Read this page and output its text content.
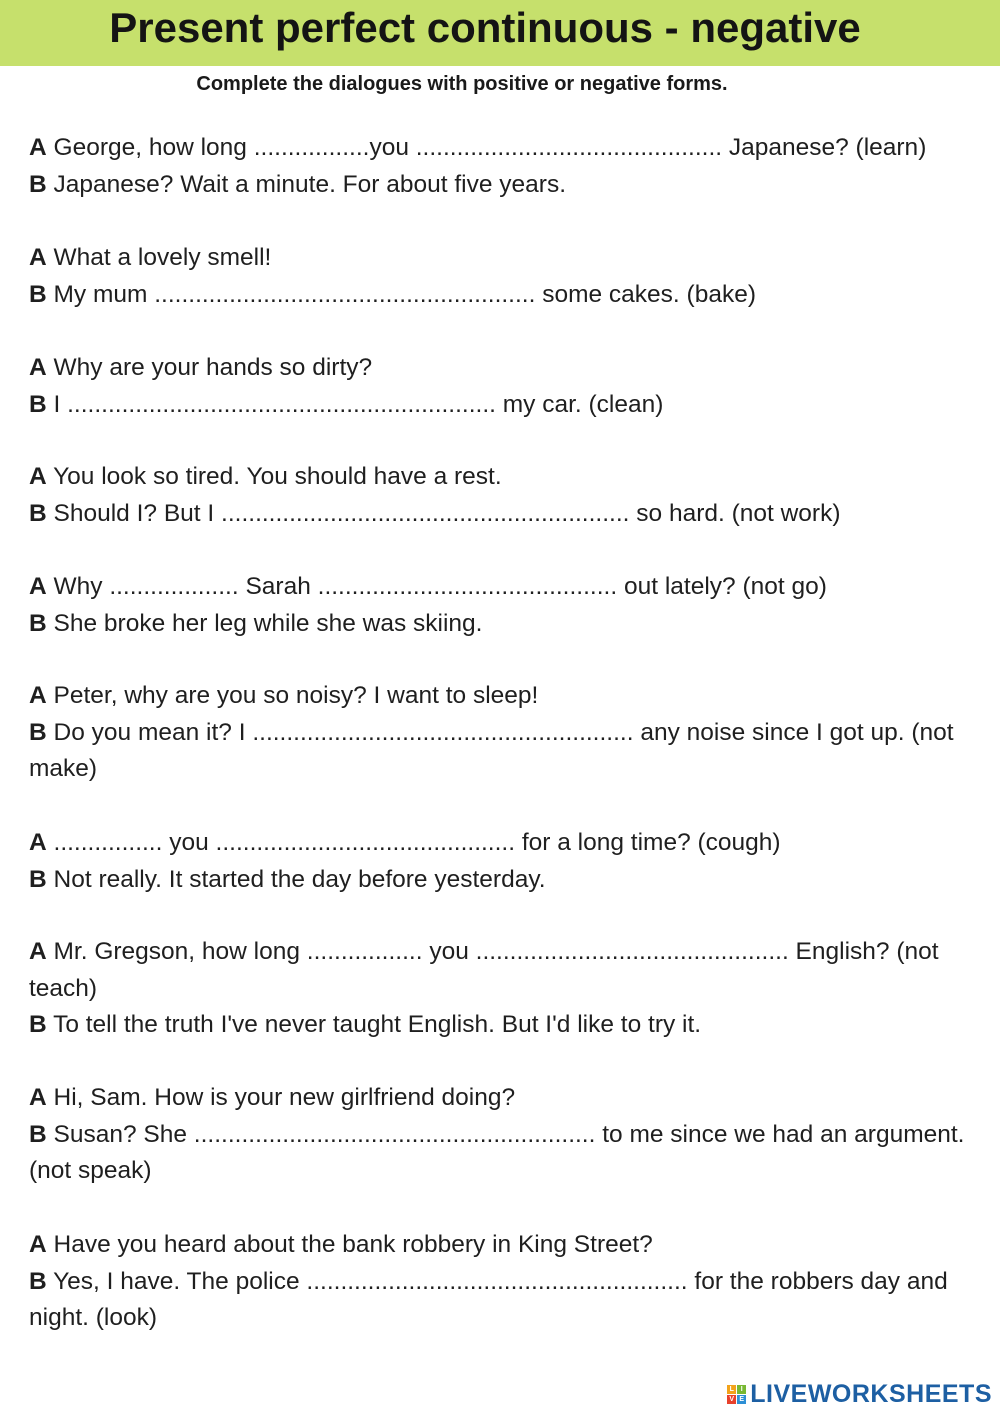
Present perfect continuous - negative
Complete the dialogues with positive or negative forms.
A George, how long .................you ............................................. Japanese? (learn)
B Japanese? Wait a minute. For about five years.
A What a lovely smell!
B My mum ........................................................ some cakes. (bake)
A Why are your hands so dirty?
B I ............................................................... my car. (clean)
A You look so tired. You should have a rest.
B Should I? But I ............................................................ so hard. (not work)
A Why ................... Sarah ............................................ out lately? (not go)
B She broke her leg while she was skiing.
A Peter, why are you so noisy? I want to sleep!
B Do you mean it? I ........................................................ any noise since I got up. (not make)
A ................ you ............................................ for a long time? (cough)
B Not really. It started the day before yesterday.
A Mr. Gregson, how long ................. you .............................................. English? (not teach)
B To tell the truth I've never taught English. But I'd like to try it.
A Hi, Sam. How is your new girlfriend doing?
B Susan? She ........................................................... to me since we had an argument. (not speak)
A Have you heard about the bank robbery in King Street?
B Yes, I have. The police ........................................................ for the robbers day and night. (look)
L I
V E LIVEWORKSHEETS
